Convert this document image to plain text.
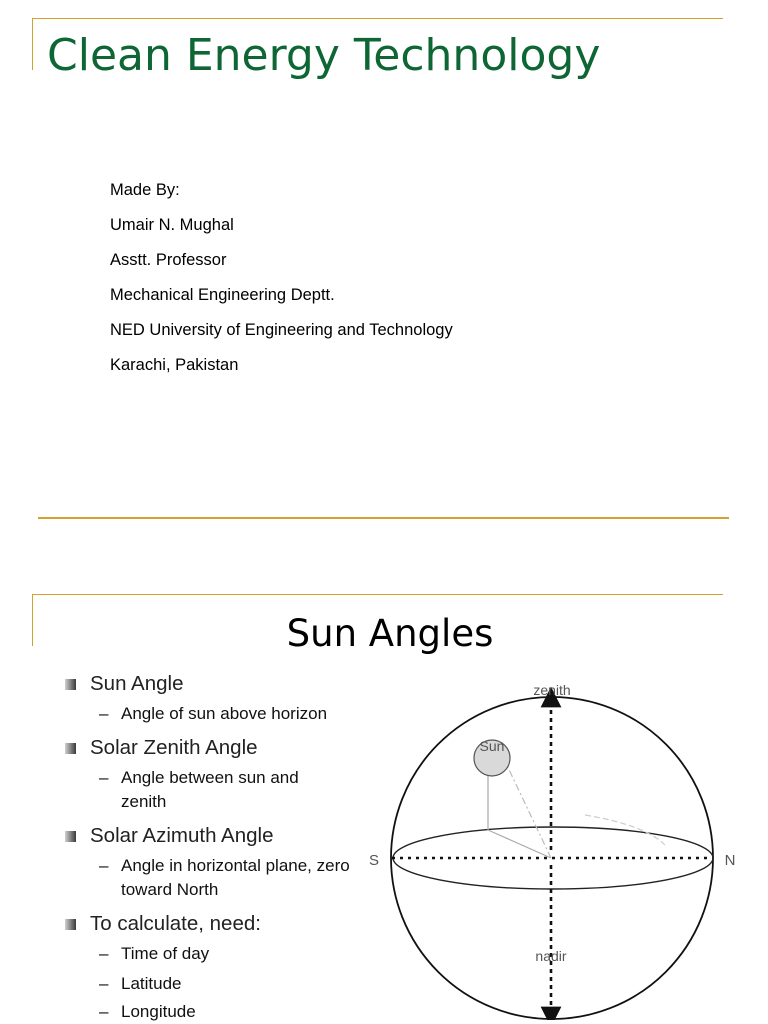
Clean Energy Technology
Made By:
Umair N. Mughal
Asstt. Professor
Mechanical Engineering Deptt.
NED University of Engineering and Technology
Karachi, Pakistan
Sun Angles
Sun Angle
– Angle of sun above horizon
Solar Zenith Angle
– Angle between sun and zenith
Solar Azimuth Angle
– Angle in horizontal plane, zero toward North
To calculate, need:
– Time of day
– Latitude
– Longitude
Sun
zenith
nadir
S	N
